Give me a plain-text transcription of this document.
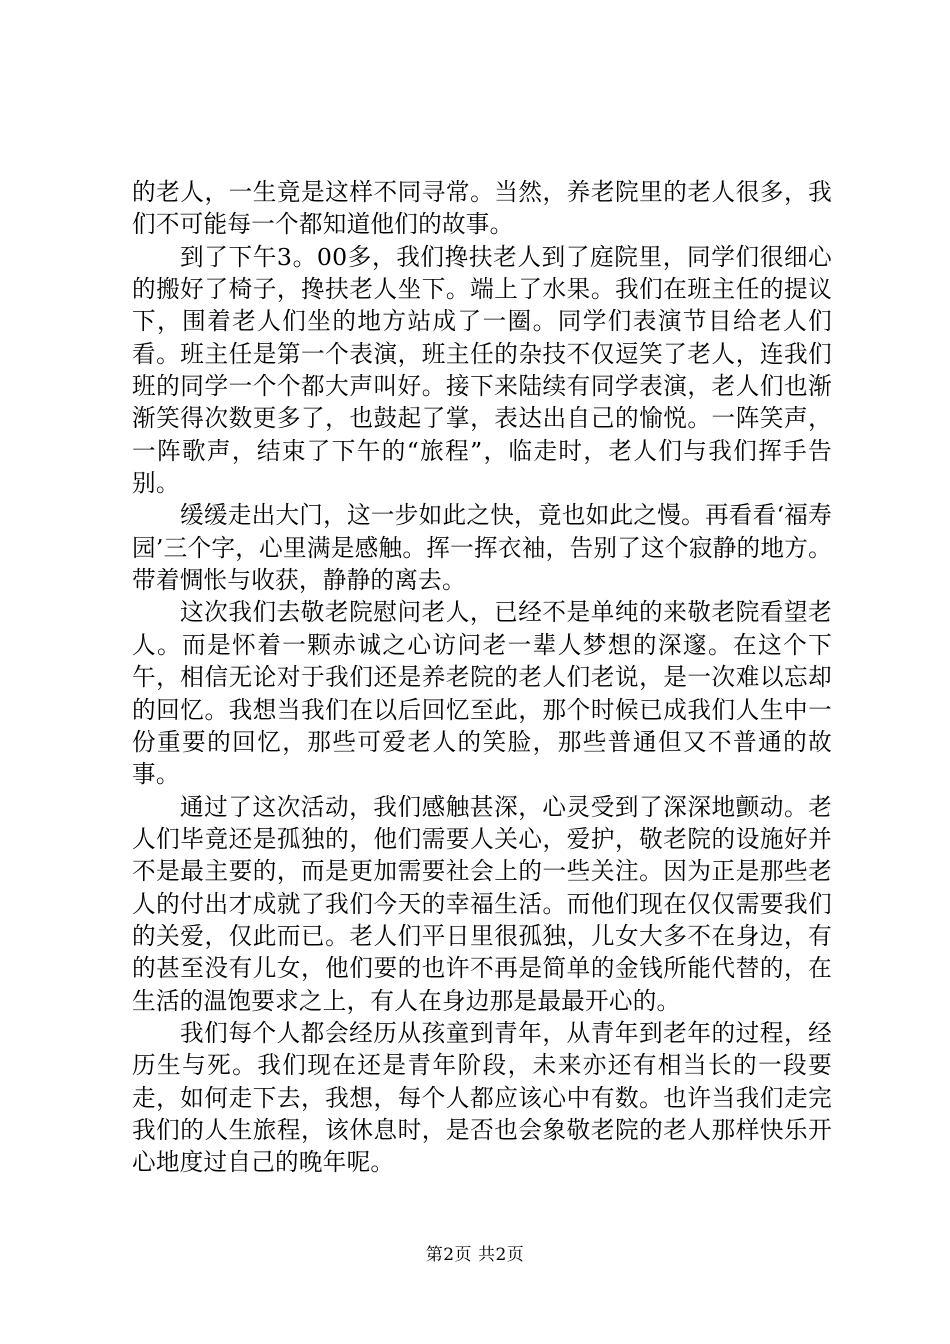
的老人，一生竟是这样不同寻常。当然，养老院里的老人很多，我们不可能每一个都知道他们的故事。

到了下午3。00多，我们搀扶老人到了庭院里，同学们很细心的搬好了椅子，搀扶老人坐下。端上了水果。我们在班主任的提议下，围着老人们坐的地方站成了一圈。同学们表演节目给老人们看。班主任是第一个表演，班主任的杂技不仅逗笑了老人，连我们班的同学一个个都大声叫好。接下来陆续有同学表演，老人们也渐渐笑得次数更多了，也鼓起了掌，表达出自己的愉悦。一阵笑声，一阵歌声，结束了下午的“旅程”，临走时，老人们与我们挥手告别。

缓缓走出大门，这一步如此之快，竟也如此之慢。再看看‘福寿园’三个字，心里满是感触。挥一挥衣袖，告别了这个寂静的地方。带着惆怅与收获，静静的离去。

这次我们去敬老院慰问老人，已经不是单纯的来敬老院看望老人。而是怀着一颗赤诚之心访问老一辈人梦想的深邃。在这个下午，相信无论对于我们还是养老院的老人们老说，是一次难以忘却的回忆。我想当我们在以后回忆至此，那个时候已成我们人生中一份重要的回忆，那些可爱老人的笑脸，那些普通但又不普通的故事。

通过了这次活动，我们感触甚深，心灵受到了深深地颤动。老人们毕竟还是孤独的，他们需要人关心，爱护，敬老院的设施好并不是最主要的，而是更加需要社会上的一些关注。因为正是那些老人的付出才成就了我们今天的幸福生活。而他们现在仅仅需要我们的关爱，仅此而已。老人们平日里很孤独，儿女大多不在身边，有的甚至没有儿女，他们要的也许不再是简单的金钱所能代替的，在生活的温饱要求之上，有人在身边那是最最开心的。

我们每个人都会经历从孩童到青年，从青年到老年的过程，经历生与死。我们现在还是青年阶段，未来亦还有相当长的一段要走，如何走下去，我想，每个人都应该心中有数。也许当我们走完我们的人生旅程，该休息时，是否也会象敬老院的老人那样快乐开心地度过自己的晚年呢。

第2页 共2页
